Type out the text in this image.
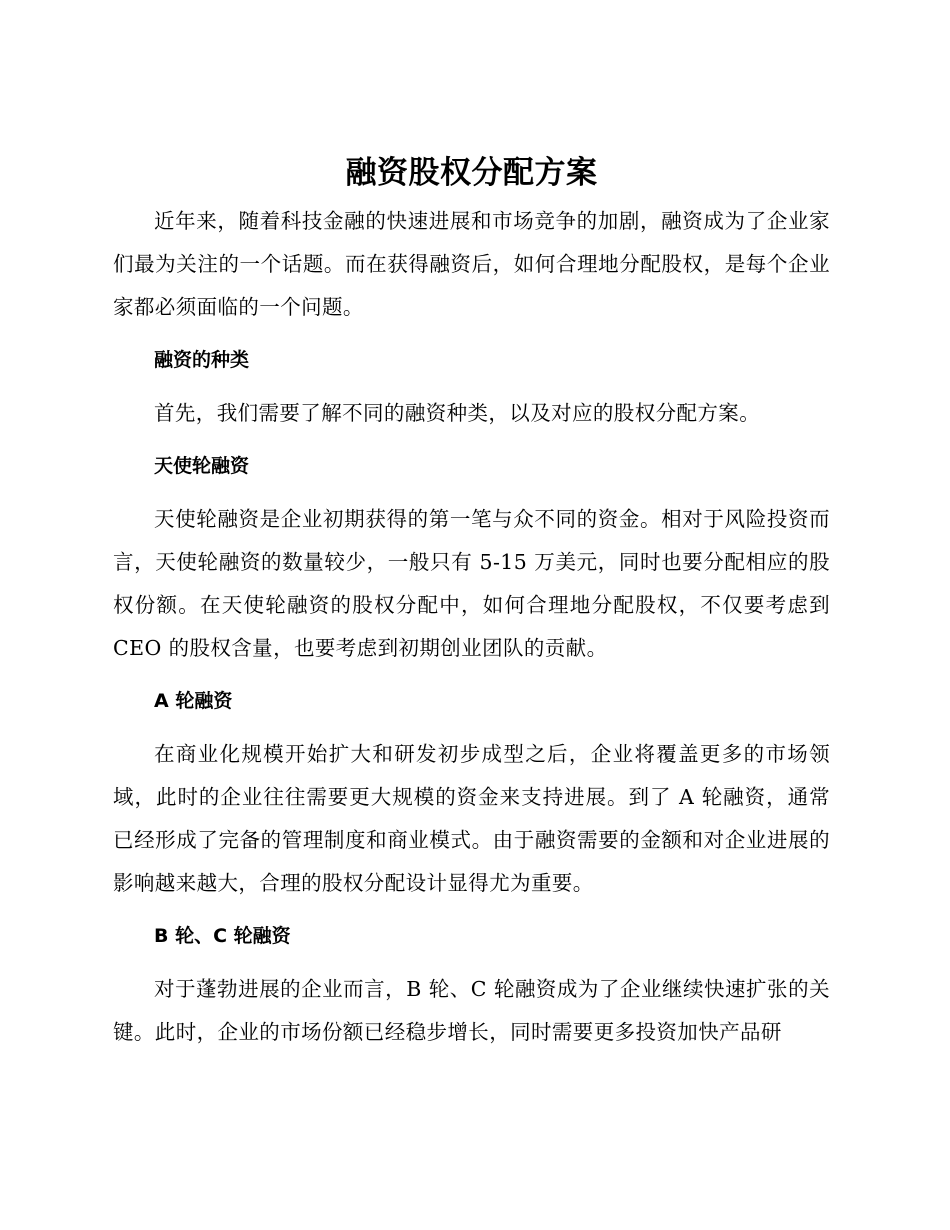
融资股权分配方案

近年来，随着科技金融的快速进展和市场竞争的加剧，融资成为了企业家们最为关注的一个话题。而在获得融资后，如何合理地分配股权，是每个企业家都必须面临的一个问题。

融资的种类

首先，我们需要了解不同的融资种类，以及对应的股权分配方案。

天使轮融资

天使轮融资是企业初期获得的第一笔与众不同的资金。相对于风险投资而言，天使轮融资的数量较少，一般只有 5-15 万美元，同时也要分配相应的股权份额。在天使轮融资的股权分配中，如何合理地分配股权，不仅要考虑到 CEO 的股权含量，也要考虑到初期创业团队的贡献。

A 轮融资

在商业化规模开始扩大和研发初步成型之后，企业将覆盖更多的市场领域，此时的企业往往需要更大规模的资金来支持进展。到了 A 轮融资，通常已经形成了完备的管理制度和商业模式。由于融资需要的金额和对企业进展的影响越来越大，合理的股权分配设计显得尤为重要。

B 轮、C 轮融资

对于蓬勃进展的企业而言，B 轮、C 轮融资成为了企业继续快速扩张的关键。此时，企业的市场份额已经稳步增长，同时需要更多投资加快产品研
